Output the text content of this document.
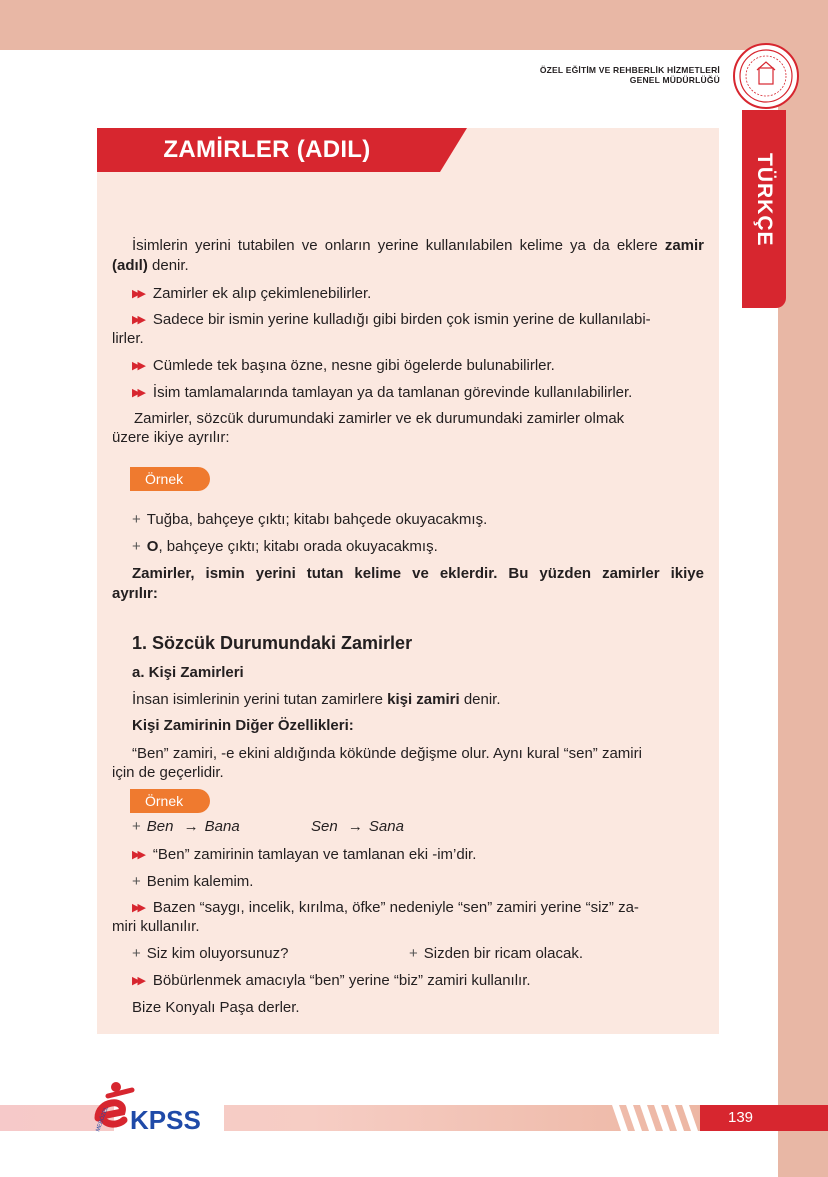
ÖZEL EĞİTİM VE REHBERLİK HİZMETLERİ
GENEL MÜDÜRLÜĞÜ
TÜRKÇE
ZAMİRLER (ADIL)
İsimlerin yerini tutabilen ve onların yerine kullanılabilen kelime ya da eklere zamir (adıl) denir.
▶▶ Zamirler ek alıp çekimlenebilirler.
▶▶ Sadece bir ismin yerine kulladığı gibi birden çok ismin yerine de kullanılabi-
lirler.
▶▶ Cümlede tek başına özne, nesne gibi ögelerde bulunabilirler.
▶▶ İsim tamlamalarında tamlayan ya da tamlanan görevinde kullanılabilirler.
Zamirler, sözcük durumundaki zamirler ve ek durumundaki zamirler olmak
üzere ikiye ayrılır:
Örnek
+ Tuğba, bahçeye çıktı; kitabı bahçede okuyacakmış.
+ O, bahçeye çıktı; kitabı orada okuyacakmış.
Zamirler, ismin yerini tutan kelime ve eklerdir. Bu yüzden zamirler ikiye
ayrılır:
1. Sözcük Durumundaki Zamirler
a. Kişi Zamirleri
İnsan isimlerinin yerini tutan zamirlere kişi zamiri denir.
Kişi Zamirinin Diğer Özellikleri:
“Ben” zamiri, -e ekini aldığında kökünde değişme olur. Aynı kural “sen” zamiri
için de geçerlidir.
Örnek
+ Ben → Bana	Sen → Sana
▶▶ “Ben” zamirinin tamlayan ve tamlanan eki -im’dir.
+ Benim kalemim.
▶▶ Bazen “saygı, incelik, kırılma, öfke” nedeniyle “sen” zamiri yerine “siz” za-
miri kullanılır.
+ Siz kim oluyorsunuz?	+ Sizden bir ricam olacak.
▶▶ Böbürlenmek amacıyla “ben” yerine “biz” zamiri kullanılır.
Bize Konyalı Paşa derler.
139
MEBÖZEL KPSS
